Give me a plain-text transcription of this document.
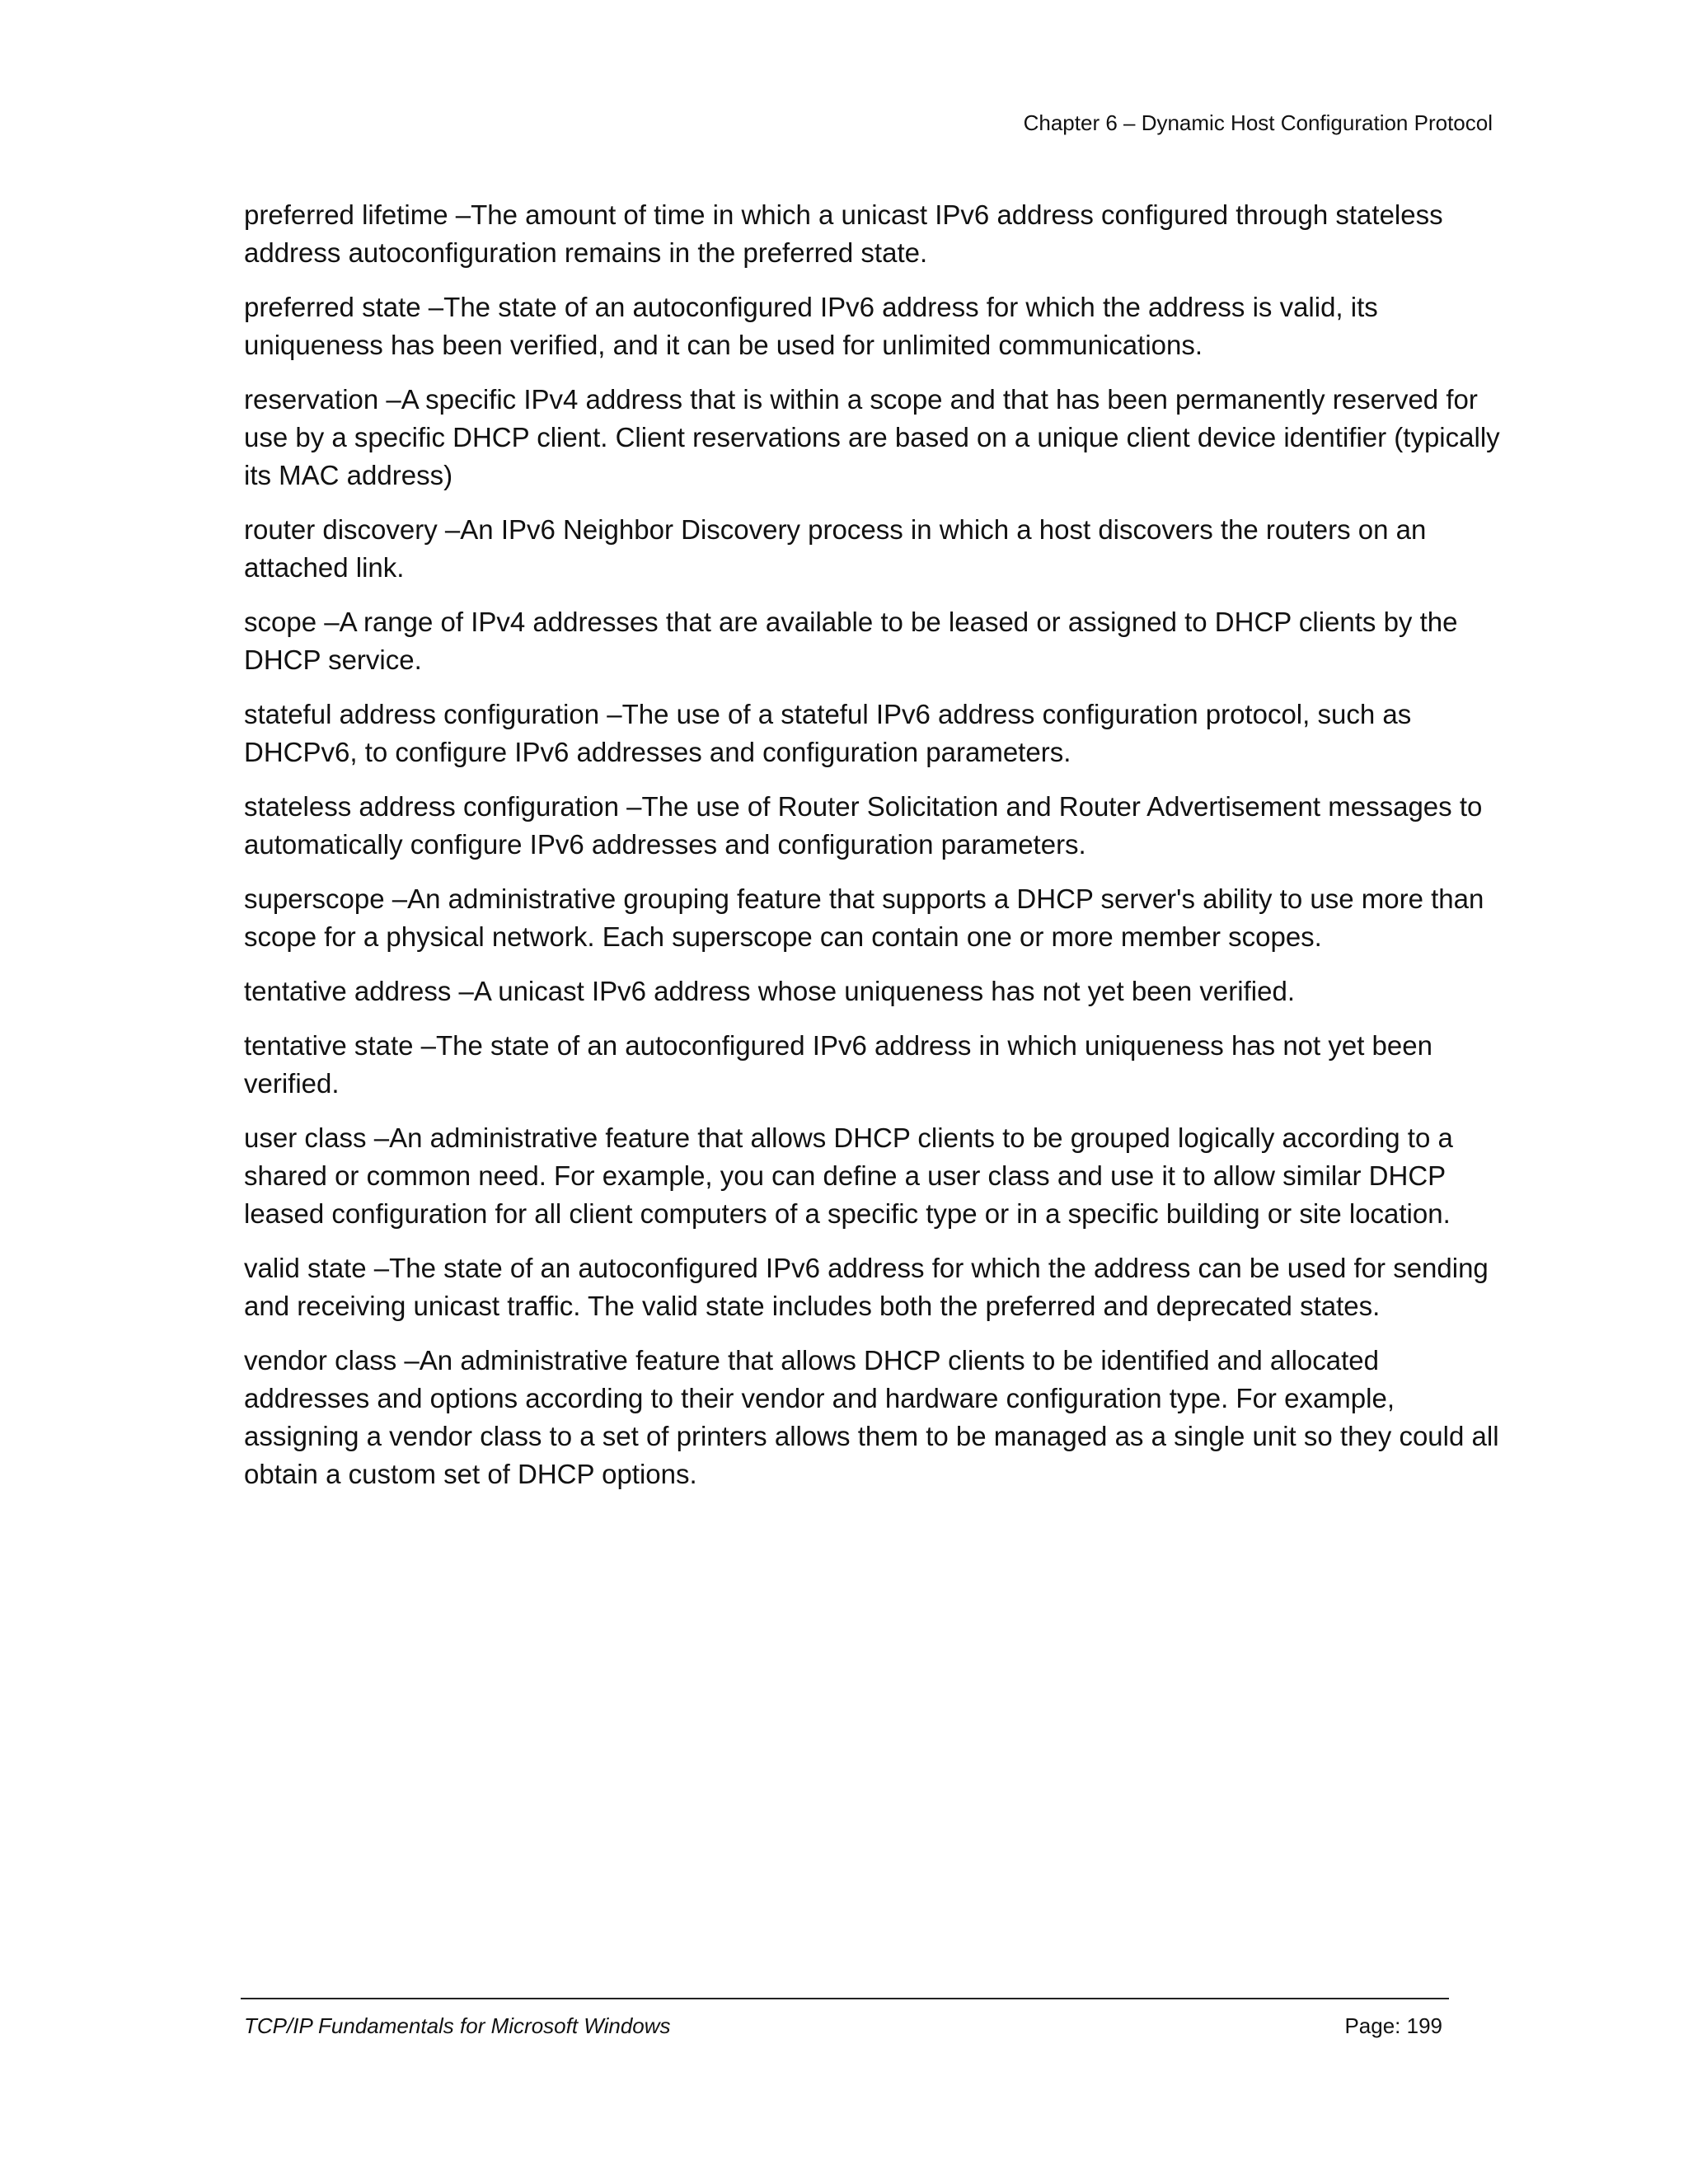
Chapter 6 – Dynamic Host Configuration Protocol

preferred lifetime – The amount of time in which a unicast IPv6 address configured through stateless address autoconfiguration remains in the preferred state.

preferred state – The state of an autoconfigured IPv6 address for which the address is valid, its uniqueness has been verified, and it can be used for unlimited communications.

reservation – A specific IPv4 address that is within a scope and that has been permanently reserved for use by a specific DHCP client. Client reservations are based on a unique client device identifier (typically its MAC address)

router discovery – An IPv6 Neighbor Discovery process in which a host discovers the routers on an attached link.

scope – A range of IPv4 addresses that are available to be leased or assigned to DHCP clients by the DHCP service.

stateful address configuration – The use of a stateful IPv6 address configuration protocol, such as DHCPv6, to configure IPv6 addresses and configuration parameters.

stateless address configuration – The use of Router Solicitation and Router Advertisement messages to automatically configure IPv6 addresses and configuration parameters.

superscope – An administrative grouping feature that supports a DHCP server's ability to use more than scope for a physical network. Each superscope can contain one or more member scopes.

tentative address – A unicast IPv6 address whose uniqueness has not yet been verified.

tentative state – The state of an autoconfigured IPv6 address in which uniqueness has not yet been verified.

user class – An administrative feature that allows DHCP clients to be grouped logically according to a shared or common need. For example, you can define a user class and use it to allow similar DHCP leased configuration for all client computers of a specific type or in a specific building or site location.

valid state – The state of an autoconfigured IPv6 address for which the address can be used for sending and receiving unicast traffic. The valid state includes both the preferred and deprecated states.

vendor class – An administrative feature that allows DHCP clients to be identified and allocated addresses and options according to their vendor and hardware configuration type. For example, assigning a vendor class to a set of printers allows them to be managed as a single unit so they could all obtain a custom set of DHCP options.

TCP/IP Fundamentals for Microsoft Windows	Page: 199
